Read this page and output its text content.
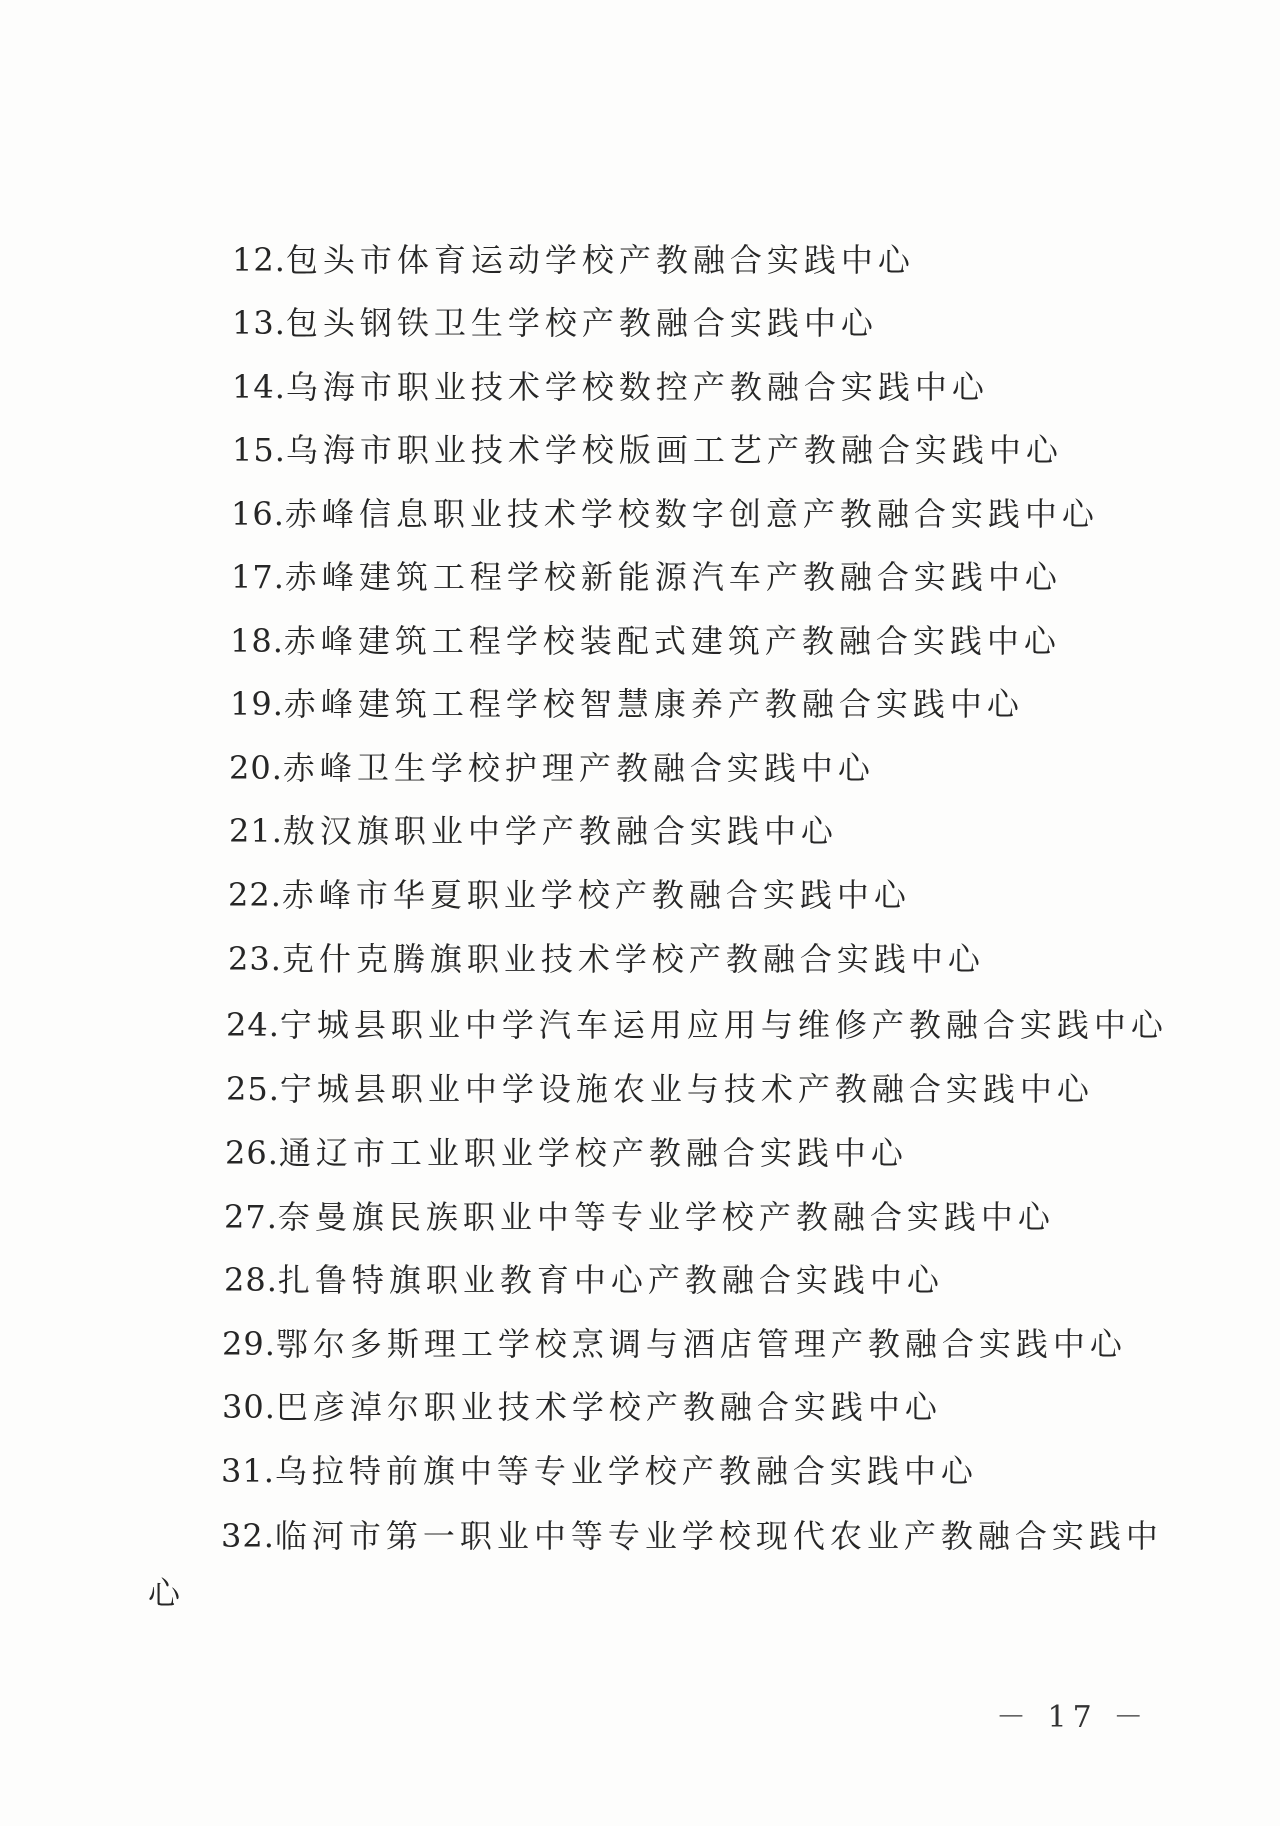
12.包头市体育运动学校产教融合实践中心
13.包头钢铁卫生学校产教融合实践中心
14.乌海市职业技术学校数控产教融合实践中心
15.乌海市职业技术学校版画工艺产教融合实践中心
16.赤峰信息职业技术学校数字创意产教融合实践中心
17.赤峰建筑工程学校新能源汽车产教融合实践中心
18.赤峰建筑工程学校装配式建筑产教融合实践中心
19.赤峰建筑工程学校智慧康养产教融合实践中心
20.赤峰卫生学校护理产教融合实践中心
21.敖汉旗职业中学产教融合实践中心
22.赤峰市华夏职业学校产教融合实践中心
23.克什克腾旗职业技术学校产教融合实践中心
24.宁城县职业中学汽车运用应用与维修产教融合实践中心
25.宁城县职业中学设施农业与技术产教融合实践中心
26.通辽市工业职业学校产教融合实践中心
27.奈曼旗民族职业中等专业学校产教融合实践中心
28.扎鲁特旗职业教育中心产教融合实践中心
29.鄂尔多斯理工学校烹调与酒店管理产教融合实践中心
30.巴彦淖尔职业技术学校产教融合实践中心
31.乌拉特前旗中等专业学校产教融合实践中心
32.临河市第一职业中等专业学校现代农业产教融合实践中
心
－ 17 －
